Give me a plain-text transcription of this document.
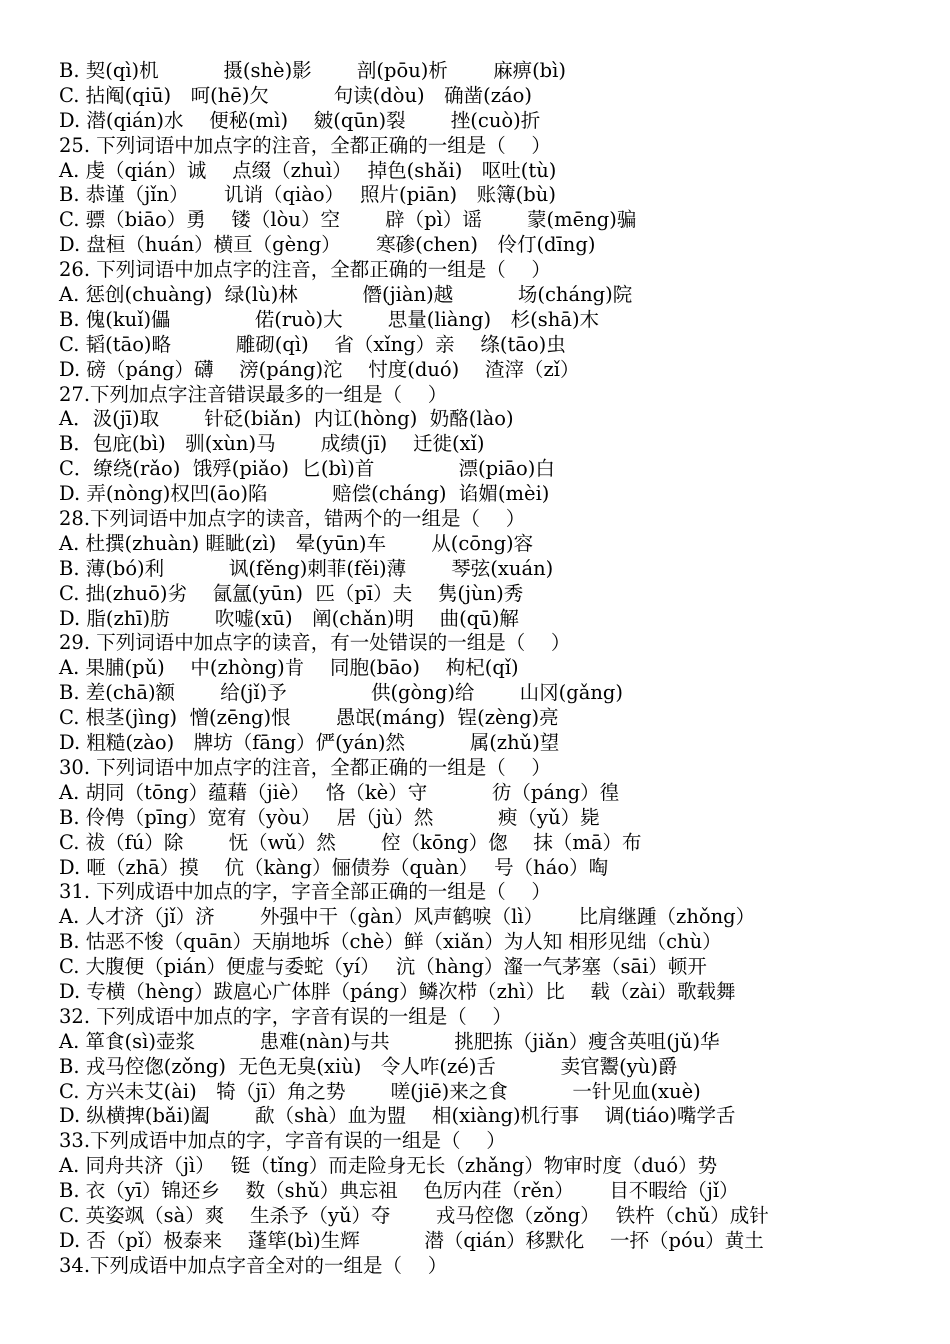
B. 契(qì)机　　　 摄(shè)影　　 剖(pōu)析　　 麻痹(bì)
C. 拈阄(qiū)　呵(hē)欠　　　 句读(dòu)　确凿(záo)
D. 潜(qián)水　 便秘(mì)　 皴(qūn)裂　　 挫(cuò)折
25. 下列词语中加点字的注音，全都正确的一组是（　 ）
A. 虔（qián）诚　 点缀（zhuì）　 掉色(shǎi)　呕吐(tù)
B. 恭谨（jǐn）　　 讥诮（qiào）　 照片(piān)　账簿(bù)
C. 骠（biāo）勇　 镂（lòu）空　　 辟（pì）谣　　 蒙(mēng)骗
D. 盘桓（huán）横亘（gèng）　　 寒碜(chen)　伶仃(dīng)
26. 下列词语中加点字的注音，全都正确的一组是（　 ）
A. 惩创(chuàng)  绿(lù)林　　　 僭(jiàn)越　　　 场(cháng)院
B. 傀(kuǐ)儡　　　　 偌(ruò)大　　 思量(liàng)　杉(shā)木
C. 韬(tāo)略　　　 雕砌(qì)　 省（xǐng）亲　 绦(tāo)虫
D. 磅（páng）礴　 滂(páng)沱　 忖度(duó)　 渣滓（zǐ）
27.下列加点字注音错误最多的一组是（　 ）
A．汲(jī)取　　 针砭(biǎn)  内讧(hòng)  奶酪(lào)
B．包庇(bì)　驯(xùn)马　　 成绩(jī)　 迁徙(xǐ)
C．缭绕(rǎo)  饿殍(piǎo)  匕(bì)首　　　　 漂(piāo)白
D. 弄(nòng)权凹(āo)陷　　　 赔偿(cháng)  谄媚(mèi)
28.下列词语中加点字的读音，错两个的一组是（　 ）
A. 杜撰(zhuàn) 睚眦(zì)　晕(yūn)车　　 从(cōng)容
B. 薄(bó)利　　　 讽(fěng)刺菲(fěi)薄　　 琴弦(xuán)
C. 拙(zhuō)劣　 氤氲(yūn)  匹（pī）夫　 隽(jùn)秀
D. 脂(zhī)肪　　 吹嘘(xū)　阐(chǎn)明　 曲(qū)解
29. 下列词语中加点字的读音，有一处错误的一组是（　 ）
A. 果脯(pǔ)　 中(zhòng)肯　 同胞(bāo)　 枸杞(qǐ)
B. 差(chā)额　　 给(jǐ)予　　　　 供(gòng)给　　 山冈(gǎng)
C. 根茎(jìng)  憎(zēng)恨　　 愚氓(máng)  锃(zèng)亮
D. 粗糙(zào)　牌坊（fāng）俨(yán)然　　　 属(zhǔ)望
30. 下列词语中加点字的注音，全都正确的一组是（　 ）
A. 胡同（tōng）蕴藉（jiè）　 恪（kè）守　　　 彷（páng）徨
B. 伶俜（pīng）宽宥（yòu）　 居（jù）然　　　 瘐（yǔ）毙
C. 祓（fú）除　　 怃（wǔ）然　　 倥（kōng）偬　 抹（mā）布
D. 咂（zhā）摸　 伉（kàng）俪债券（quàn）　 号（háo）啕
31. 下列成语中加点的字，字音全部正确的一组是（　 ）
A. 人才济（jǐ）济　　 外强中干（gàn）风声鹤唳（lì）　　 比肩继踵（zhǒng）
B. 怙恶不悛（quān）天崩地坼（chè）鲜（xiǎn）为人知 相形见绌（chù）
C. 大腹便（pián）便虚与委蛇（yí）　 沆（hàng）瀣一气茅塞（sāi）顿开
D. 专横（hèng）跋扈心广体胖（páng）鳞次栉（zhì）比　 载（zài）歌载舞
32. 下列成语中加点的字，字音有误的一组是（　 ）
A. 箪食(sì)壶浆　　　 患难(nàn)与共　　　 挑肥拣（jiǎn）瘦含英咀(jǔ)华
B. 戎马倥偬(zǒng)  无色无臭(xiù)　令人咋(zé)舌　　　 卖官鬻(yù)爵
C. 方兴未艾(ài)　犄（jī）角之势　　 嗟(jiē)来之食　　　 一针见血(xuè)
D. 纵横捭(bǎi)阖　　 歃（shà）血为盟　 相(xiàng)机行事　 调(tiáo)嘴学舌
33.下列成语中加点的字，字音有误的一组是（　 ）
A. 同舟共济（jì）　 铤（tǐng）而走险身无长（zhǎng）物审时度（duó）势
B. 衣（yī）锦还乡　 数（shǔ）典忘祖　 色厉内荏（rěn）　　 目不暇给（jǐ）
C. 英姿飒（sà）爽　 生杀予（yǔ）夺　　 戎马倥偬（zǒng）　 铁杵（chǔ）成针
D. 否（pǐ）极泰来　 蓬筚(bì)生辉　　　 潜（qián）移默化　 一抔（póu）黄土
34.下列成语中加点字音全对的一组是（　 ）
